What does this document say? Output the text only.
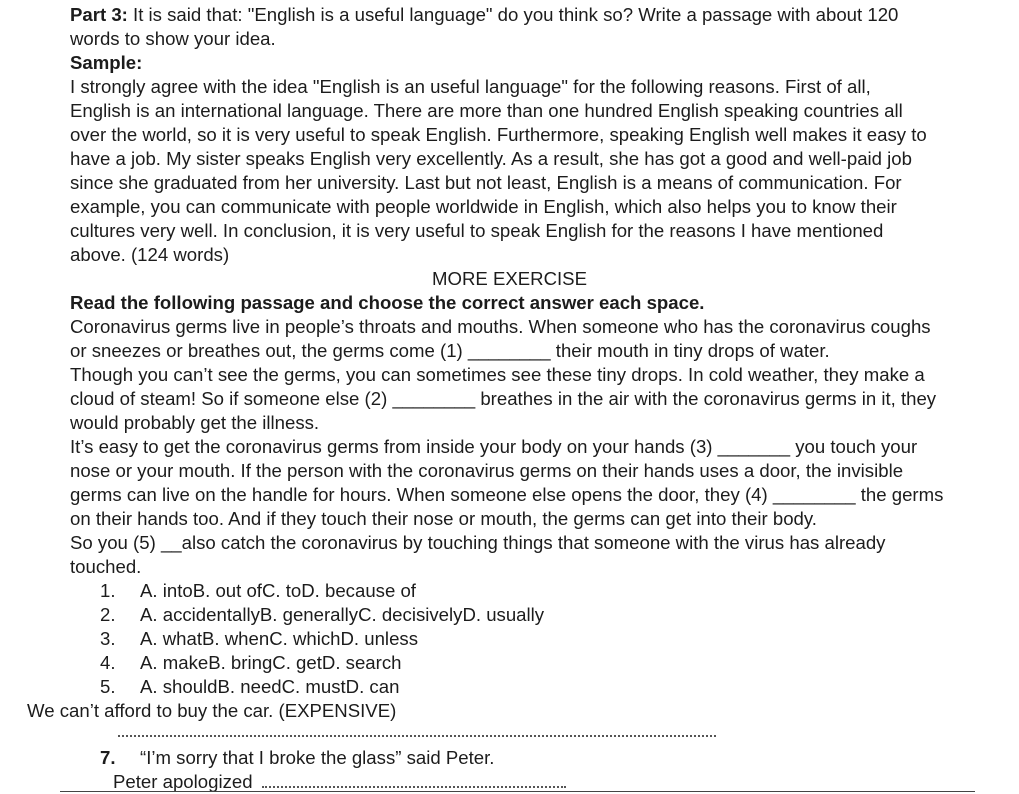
Part 3: It is said that: "English is a useful language" do you think so? Write a passage with about 120
words to show your idea.
Sample:
I strongly agree with the idea "English is an useful language" for the following reasons. First of all,
English is an international language. There are more than one hundred English speaking countries all
over the world, so it is very useful to speak English. Furthermore, speaking English well makes it easy to
have a job. My sister speaks English very excellently. As a result, she has got a good and well-paid job
since she graduated from her university. Last but not least, English is a means of communication. For
example, you can communicate with people worldwide in English, which also helps you to know their
cultures very well. In conclusion, it is very useful to speak English for the reasons I have mentioned
above. (124 words)
MORE EXERCISE
Read the following passage and choose the correct answer each space.
Coronavirus germs live in people’s throats and mouths. When someone who has the coronavirus coughs
or sneezes or breathes out, the germs come (1) ________ their mouth in tiny drops of water.
Though you can’t see the germs, you can sometimes see these tiny drops. In cold weather, they make a
cloud of steam! So if someone else (2) ________ breathes in the air with the coronavirus germs in it, they
would probably get the illness.
It’s easy to get the coronavirus germs from inside your body on your hands (3) _______ you touch your
nose or your mouth. If the person with the coronavirus germs on their hands uses a door, the invisible
germs can live on the handle for hours. When someone else opens the door, they (4) ________ the germs
on their hands too. And if they touch their nose or mouth, the germs can get into their body.
So you (5) __also catch the coronavirus by touching things that someone with the virus has already
touched.
1. A. intoB. out ofC. toD. because of
2. A. accidentallyB. generallyC. decisivelyD. usually
3. A. whatB. whenC. whichD. unless
4. A. makeB. bringC. getD. search
5. A. shouldB. needC. mustD. can
We can’t afford to buy the car. (EXPENSIVE)
7. “I’m sorry that I broke the glass” said Peter.
Peter apologized
